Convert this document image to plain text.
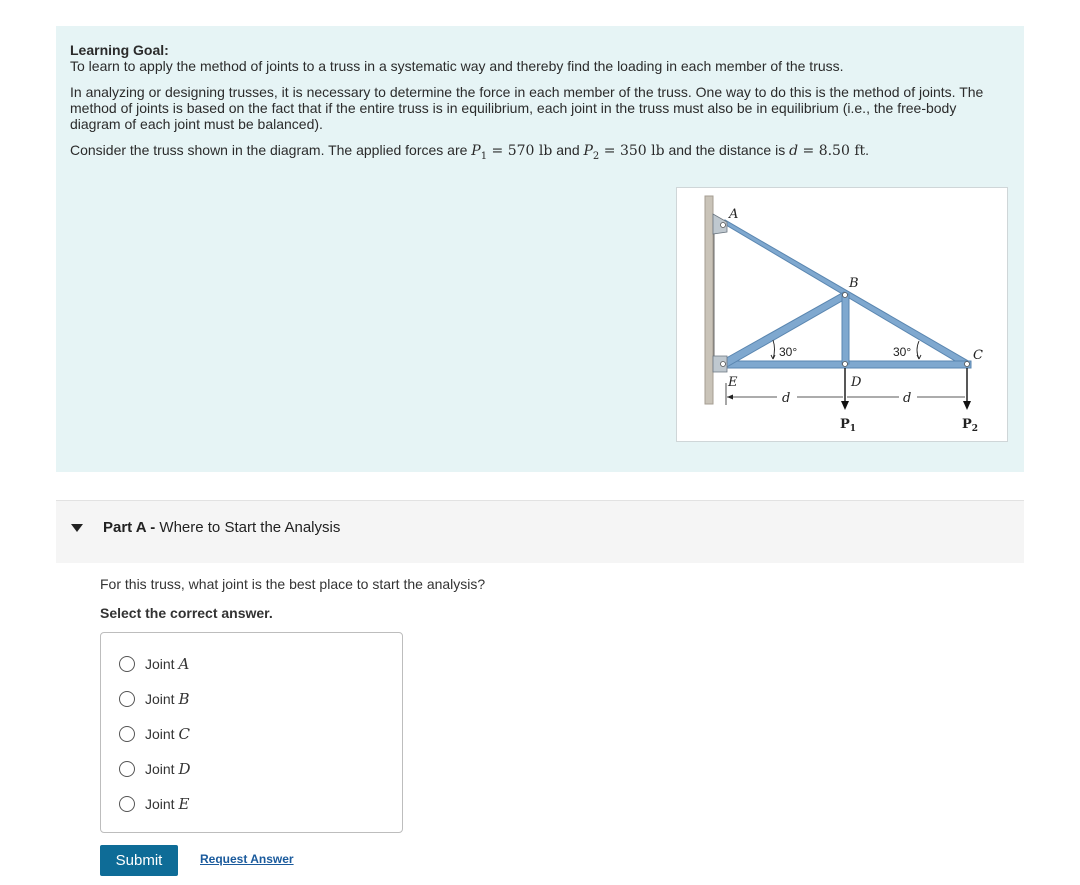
Learning Goal:

To learn to apply the method of joints to a truss in a systematic way and thereby find the loading in each member of the truss.

In analyzing or designing trusses, it is necessary to determine the force in each member of the truss. One way to do this is the method of joints. The method of joints is based on the fact that if the entire truss is in equilibrium, each joint in the truss must also be in equilibrium (i.e., the free-body diagram of each joint must be balanced).

Consider the truss shown in the diagram. The applied forces are $P_1 = 570$ lb and $P_2 = 350$ lb and the distance is d = 8.50 ft.

A
B
C
D
E
30°	30°
d	d
$P_1$	$P_2$
Part A - Where to Start the Analysis
For this truss, what joint is the best place to start the analysis?
Select the correct answer.
Joint A
Joint B
Joint C
Joint D
Joint E
Submit	Request Answer
